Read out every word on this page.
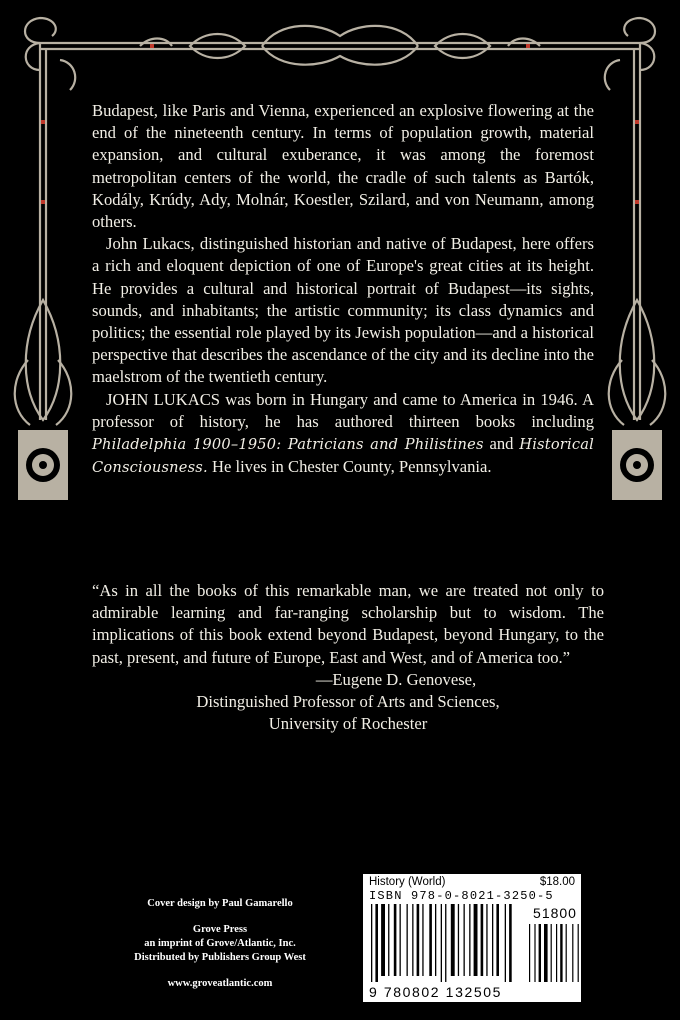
Budapest, like Paris and Vienna, experienced an explosive flowering at the end of the nineteenth century. In terms of population growth, material expansion, and cultural exuberance, it was among the foremost metropolitan centers of the world, the cradle of such talents as Bartók, Kodály, Krúdy, Ady, Molnár, Koestler, Szilard, and von Neumann, among others.

John Lukacs, distinguished historian and native of Budapest, here offers a rich and eloquent depiction of one of Europe's great cities at its height. He provides a cultural and historical portrait of Budapest—its sights, sounds, and inhabitants; the artistic community; its class dynamics and politics; the essential role played by its Jewish population—and a historical perspective that describes the ascendance of the city and its decline into the maelstrom of the twentieth century.

JOHN LUKACS was born in Hungary and came to America in 1946. A professor of history, he has authored thirteen books including Philadelphia 1900–1950: Patricians and Philistines and Historical Consciousness. He lives in Chester County, Pennsylvania.

“As in all the books of this remarkable man, we are treated not only to admirable learning and far-ranging scholarship but to wisdom. The implications of this book extend beyond Budapest, beyond Hungary, to the past, present, and future of Europe, East and West, and of America too.”

—Eugene D. Genovese,

Distinguished Professor of Arts and Sciences,

University of Rochester

Cover design by Paul Gamarello
Grove Press
an imprint of Grove/Atlantic, Inc.
Distributed by Publishers Group West
www.groveatlantic.com
History (World)	$18.00
ISBN 978-0-8021-3250-5
51800
9 780802 132505
